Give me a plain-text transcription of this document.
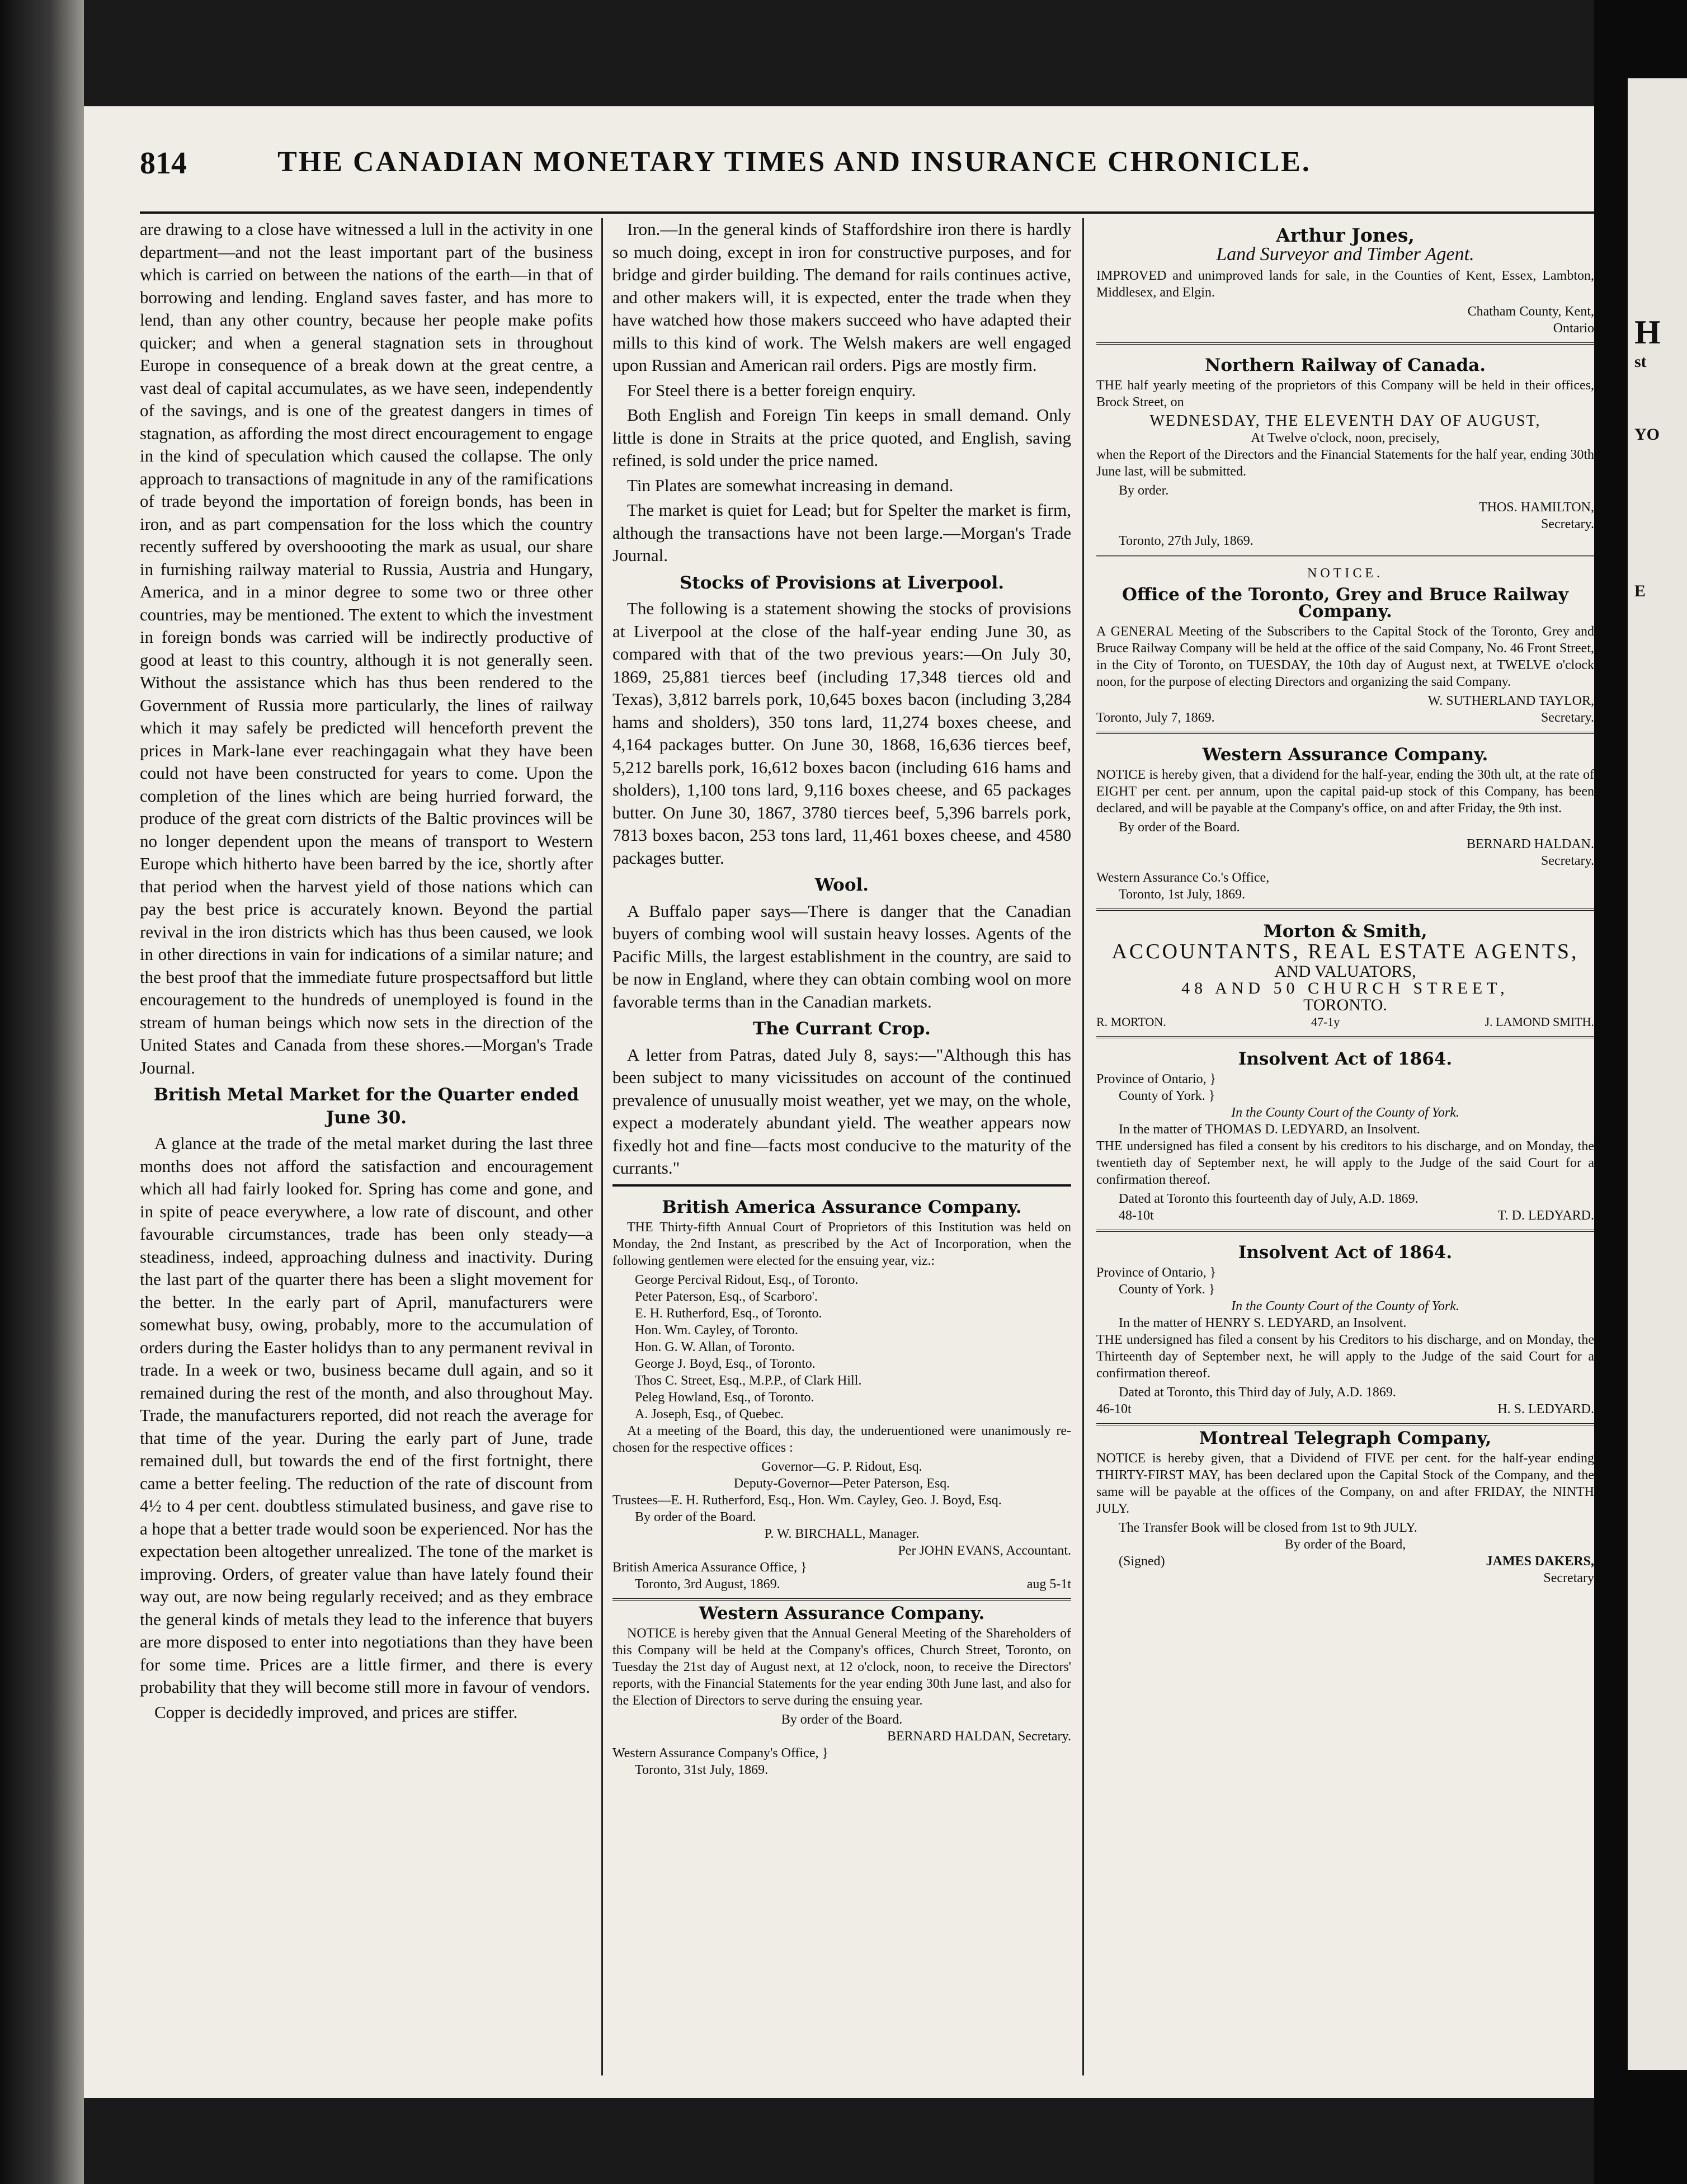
H
st
YO
E
814	THE CANADIAN MONETARY TIMES AND INSURANCE CHRONICLE.

are drawing to a close have witnessed a lull in the activity in one department—and not the least important part of the business which is carried on between the nations of the earth—in that of borrowing and lending. England saves faster, and has more to lend, than any other country, because her people make pofits quicker; and when a general stagnation sets in throughout Europe in consequence of a break down at the great centre, a vast deal of capital accumulates, as we have seen, independently of the savings, and is one of the greatest dangers in times of stagnation, as affording the most direct encouragement to engage in the kind of speculation which caused the collapse. The only approach to transactions of magnitude in any of the ramifications of trade beyond the importation of foreign bonds, has been in iron, and as part compensation for the loss which the country recently suffered by overshoooting the mark as usual, our share in furnishing railway material to Russia, Austria and Hungary, America, and in a minor degree to some two or three other countries, may be mentioned. The extent to which the investment in foreign bonds was carried will be indirectly productive of good at least to this country, although it is not generally seen. Without the assistance which has thus been rendered to the Government of Russia more particularly, the lines of railway which it may safely be predicted will henceforth prevent the prices in Mark-lane ever reachingagain what they have been could not have been constructed for years to come. Upon the completion of the lines which are being hurried forward, the produce of the great corn districts of the Baltic provinces will be no longer dependent upon the means of transport to Western Europe which hitherto have been barred by the ice, shortly after that period when the harvest yield of those nations which can pay the best price is accurately known. Beyond the partial revival in the iron districts which has thus been caused, we look in other directions in vain for indications of a similar nature; and the best proof that the immediate future prospectsafford but little encouragement to the hundreds of unemployed is found in the stream of human beings which now sets in the direction of the United States and Canada from these shores.—Morgan's Trade Journal.

British Metal Market for the Quarter ended June 30.

A glance at the trade of the metal market during the last three months does not afford the satisfaction and encouragement which all had fairly looked for. Spring has come and gone, and in spite of peace everywhere, a low rate of discount, and other favourable circumstances, trade has been only steady—a steadiness, indeed, approaching dulness and inactivity. During the last part of the quarter there has been a slight movement for the better. In the early part of April, manufacturers were somewhat busy, owing, probably, more to the accumulation of orders during the Easter holidys than to any permanent revival in trade. In a week or two, business became dull again, and so it remained during the rest of the month, and also throughout May. Trade, the manufacturers reported, did not reach the average for that time of the year. During the early part of June, trade remained dull, but towards the end of the first fortnight, there came a better feeling. The reduction of the rate of discount from 4½ to 4 per cent. doubtless stimulated business, and gave rise to a hope that a better trade would soon be experienced. Nor has the expectation been altogether unrealized. The tone of the market is improving. Orders, of greater value than have lately found their way out, are now being regularly received; and as they embrace the general kinds of metals they lead to the inference that buyers are more disposed to enter into negotiations than they have been for some time. Prices are a little firmer, and there is every probability that they will become still more in favour of vendors.

Copper is decidedly improved, and prices are stiffer.

Iron.—In the general kinds of Staffordshire iron there is hardly so much doing, except in iron for constructive purposes, and for bridge and girder building. The demand for rails continues active, and other makers will, it is expected, enter the trade when they have watched how those makers succeed who have adapted their mills to this kind of work. The Welsh makers are well engaged upon Russian and American rail orders. Pigs are mostly firm.

For Steel there is a better foreign enquiry.

Both English and Foreign Tin keeps in small demand. Only little is done in Straits at the price quoted, and English, saving refined, is sold under the price named.

Tin Plates are somewhat increasing in demand.

The market is quiet for Lead; but for Spelter the market is firm, although the transactions have not been large.—Morgan's Trade Journal.

Stocks of Provisions at Liverpool.

The following is a statement showing the stocks of provisions at Liverpool at the close of the half-year ending June 30, as compared with that of the two previous years:—On July 30, 1869, 25,881 tierces beef (including 17,348 tierces old and Texas), 3,812 barrels pork, 10,645 boxes bacon (including 3,284 hams and sholders), 350 tons lard, 11,274 boxes cheese, and 4,164 packages butter. On June 30, 1868, 16,636 tierces beef, 5,212 barells pork, 16,612 boxes bacon (including 616 hams and sholders), 1,100 tons lard, 9,116 boxes cheese, and 65 packages butter. On June 30, 1867, 3780 tierces beef, 5,396 barrels pork, 7813 boxes bacon, 253 tons lard, 11,461 boxes cheese, and 4580 packages butter.

Wool.

A Buffalo paper says—There is danger that the Canadian buyers of combing wool will sustain heavy losses. Agents of the Pacific Mills, the largest establishment in the country, are said to be now in England, where they can obtain combing wool on more favorable terms than in the Canadian markets.

The Currant Crop.

A letter from Patras, dated July 8, says:—"Although this has been subject to many vicissitudes on account of the continued prevalence of unusually moist weather, yet we may, on the whole, expect a moderately abundant yield. The weather appears now fixedly hot and fine—facts most conducive to the maturity of the currants."

British America Assurance Company.

THE Thirty-fifth Annual Court of Proprietors of this Institution was held on Monday, the 2nd Instant, as prescribed by the Act of Incorporation, when the following gentlemen were elected for the ensuing year, viz.:

George Percival Ridout, Esq., of Toronto.
Peter Paterson, Esq., of Scarboro'.
E. H. Rutherford, Esq., of Toronto.
Hon. Wm. Cayley, of Toronto.
Hon. G. W. Allan, of Toronto.
George J. Boyd, Esq., of Toronto.
Thos C. Street, Esq., M.P.P., of Clark Hill.
Peleg Howland, Esq., of Toronto.
A. Joseph, Esq., of Quebec.

At a meeting of the Board, this day, the underuentioned were unanimously re-chosen for the respective offices :

Governor—G. P. Ridout, Esq.
Deputy-Governor—Peter Paterson, Esq.
Trustees—E. H. Rutherford, Esq., Hon. Wm. Cayley, Geo. J. Boyd, Esq.
By order of the Board.
P. W. BIRCHALL, Manager.
Per JOHN EVANS, Accountant.
British America Assurance Office, }
Toronto, 3rd August, 1869.	aug 5-1t
Western Assurance Company.

NOTICE is hereby given that the Annual General Meeting of the Shareholders of this Company will be held at the Company's offices, Church Street, Toronto, on Tuesday the 21st day of August next, at 12 o'clock, noon, to receive the Directors' reports, with the Financial Statements for the year ending 30th June last, and also for the Election of Directors to serve during the ensuing year.

By order of the Board.
BERNARD HALDAN, Secretary.
Western Assurance Company's Office, }
Toronto, 31st July, 1869.
Arthur Jones,
Land Surveyor and Timber Agent.

IMPROVED and unimproved lands for sale, in the Counties of Kent, Essex, Lambton, Middlesex, and Elgin.

Chatham County, Kent,
Ontario
Northern Railway of Canada.

THE half yearly meeting of the proprietors of this Company will be held in their offices, Brock Street, on

WEDNESDAY, THE ELEVENTH DAY OF AUGUST,
At Twelve o'clock, noon, precisely,

when the Report of the Directors and the Financial Statements for the half year, ending 30th June last, will be submitted.

By order.
THOS. HAMILTON,
Secretary.
Toronto, 27th July, 1869.
NOTICE.
Office of the Toronto, Grey and Bruce Railway Company.

A GENERAL Meeting of the Subscribers to the Capital Stock of the Toronto, Grey and Bruce Railway Company will be held at the office of the said Company, No. 46 Front Street, in the City of Toronto, on TUESDAY, the 10th day of August next, at TWELVE o'clock noon, for the purpose of electing Directors and organizing the said Company.

W. SUTHERLAND TAYLOR,
Toronto, July 7, 1869.	Secretary.
Western Assurance Company.

NOTICE is hereby given, that a dividend for the half-year, ending the 30th ult, at the rate of EIGHT per cent. per annum, upon the capital paid-up stock of this Company, has been declared, and will be payable at the Company's office, on and after Friday, the 9th inst.

By order of the Board.
BERNARD HALDAN.
Secretary.
Western Assurance Co.'s Office,
Toronto, 1st July, 1869.
Morton & Smith,
ACCOUNTANTS, REAL ESTATE AGENTS,
AND VALUATORS,
48 AND 50 CHURCH STREET,
TORONTO.
R. MORTON.	47-1y	J. LAMOND SMITH.
Insolvent Act of 1864.
Province of Ontario, }
County of York. }
In the County Court of the County of York.
In the matter of THOMAS D. LEDYARD, an Insolvent.

THE undersigned has filed a consent by his creditors to his discharge, and on Monday, the twentieth day of September next, he will apply to the Judge of the said Court for a confirmation thereof.

Dated at Toronto this fourteenth day of July, A.D. 1869.
48-10t	T. D. LEDYARD.
Insolvent Act of 1864.
Province of Ontario, }
County of York. }
In the County Court of the County of York.
In the matter of HENRY S. LEDYARD, an Insolvent.

THE undersigned has filed a consent by his Creditors to his discharge, and on Monday, the Thirteenth day of September next, he will apply to the Judge of the said Court for a confirmation thereof.

Dated at Toronto, this Third day of July, A.D. 1869.
46-10t	H. S. LEDYARD.
Montreal Telegraph Company,

NOTICE is hereby given, that a Dividend of FIVE per cent. for the half-year ending THIRTY-FIRST MAY, has been declared upon the Capital Stock of the Company, and the same will be payable at the offices of the Company, on and after FRIDAY, the NINTH JULY.

The Transfer Book will be closed from 1st to 9th JULY.
By order of the Board,
(Signed)	JAMES DAKERS,
Secretary
